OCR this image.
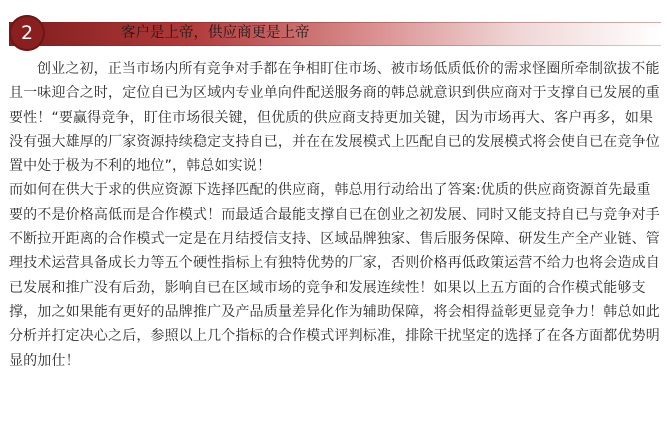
2	客户是上帝，供应商更是上帝

创业之初，正当市场内所有竞争对手都在争相盯住市场、被市场低质低价的需求怪圈所牵制欲拔不能且一味迎合之时，定位自已为区域内专业单向件配送服务商的韩总就意识到供应商对于支撑自已发展的重要性！“要赢得竞争，盯住市场很关键，但优质的供应商支持更加关键，因为市场再大、客户再多，如果没有强大雄厚的厂家资源持续稳定支持自已，并在在发展模式上匹配自已的发展模式将会使自已在竞争位置中处于极为不利的地位”，韩总如实说！

而如何在供大于求的供应资源下选择匹配的供应商，韩总用行动给出了答案:优质的供应商资源首先最重要的不是价格高低而是合作模式！而最适合最能支撑自已在创业之初发展、同时又能支持自已与竞争对手不断拉开距离的合作模式一定是在月结授信支持、区域品牌独家、售后服务保障、研发生产全产业链、管理技术运营具备成长力等五个硬性指标上有独特优势的厂家，否则价格再低政策运营不给力也将会造成自已发展和推广没有后劲，影响自已在区域市场的竞争和发展连续性！如果以上五方面的合作模式能够支撑，加之如果能有更好的品牌推广及产品质量差异化作为辅助保障，将会相得益彰更显竞争力！韩总如此分析并打定决心之后，参照以上几个指标的合作模式评判标准，排除干扰坚定的选择了在各方面都优势明显的加仕！
